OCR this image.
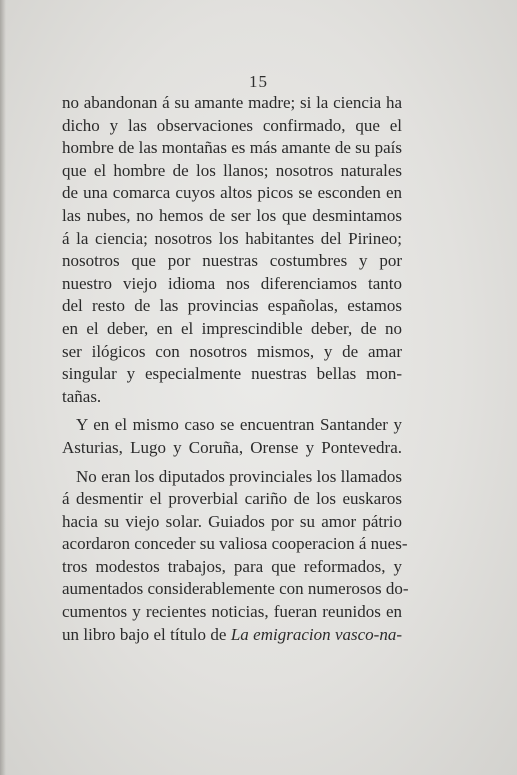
15
no abandonan á su amante madre; si la ciencia ha
dicho y las observaciones confirmado, que el
hombre de las montañas es más amante de su país
que el hombre de los llanos; nosotros naturales
de una comarca cuyos altos picos se esconden en
las nubes, no hemos de ser los que desmintamos
á la ciencia; nosotros los habitantes del Pirineo;
nosotros que por nuestras costumbres y por
nuestro viejo idioma nos diferenciamos tanto
del resto de las provincias españolas, estamos
en el deber, en el imprescindible deber, de no
ser ilógicos con nosotros mismos, y de amar
singular y especialmente nuestras bellas mon-
tañas.
Y en el mismo caso se encuentran Santander y
Asturias, Lugo y Coruña, Orense y Pontevedra.
No eran los diputados provinciales los llamados
á desmentir el proverbial cariño de los euskaros
hacia su viejo solar. Guiados por su amor pátrio
acordaron conceder su valiosa cooperacion á nues-
tros modestos trabajos, para que reformados, y
aumentados considerablemente con numerosos do-
cumentos y recientes noticias, fueran reunidos en
un libro bajo el título de La emigracion vasco-na-
